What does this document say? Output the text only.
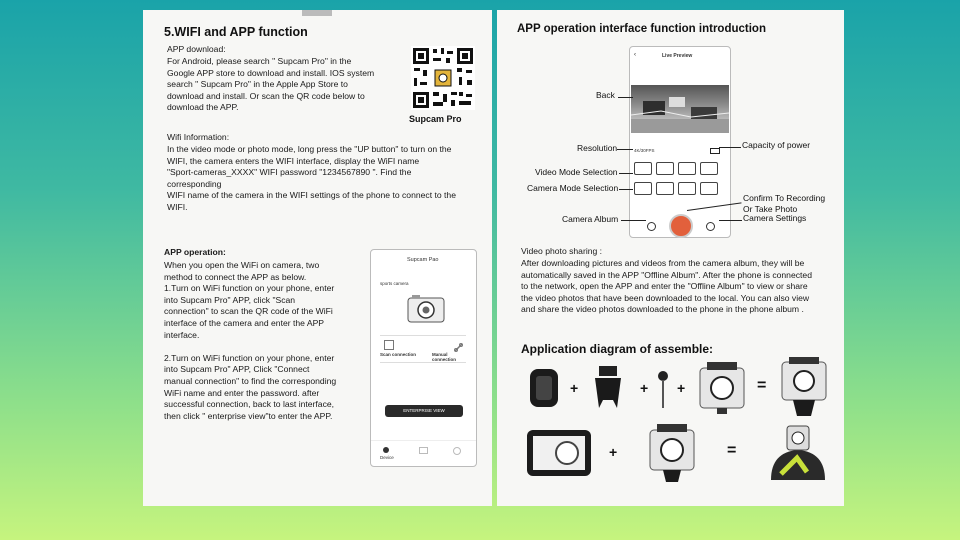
5.WIFI and APP function
APP download:
For Android, please search " Supcam Pro" in the
Google APP store to download and install. IOS system
search " Supcam Pro" in the Apple App Store to
download and install. Or scan the QR code below to
download the APP.
Supcam Pro
Wifi Information:
In the video mode or photo mode, long press the "UP button" to turn on the
WIFI, the camera enters the WIFI interface, display the WiFI name
"Sport-cameras_XXXX" WIFI password "1234567890 ". Find the
corresponding
WIFI name of the camera in the WIFI settings of the phone to connect to the
WIFI.
APP operation:
When you open the WiFi on camera, two
method to connect the APP as below.
1.Turn on WiFi function on your phone, enter
into Supcam Pro" APP, click "Scan
connection" to scan the QR code of the WiFi
interface of the camera and enter the APP
interface.

2.Turn on WiFi function on your phone, enter
into Supcam Pro" APP, Click "Connect
manual connection" to find the corresponding
WiFi name and enter the password. after
successful connection, back to last interface,
then click " enterprise view"to enter the APP.
Supcam Pao
sports camera
Scan connection	Manual connection
ENTERPRISE VIEW
Device
APP operation interface function introduction
‹	Live Preview
4K/30FPS
Back
Resolution	Capacity of power
Video Mode Selection
Camera Mode Selection
Confirm To Recording
Or Take Photo
Camera Album	Camera Settings
Video photo sharing :
After downloading pictures and videos from the camera album, they will be
automatically saved in the APP "Offline Album". After the phone is connected
to the network, open the APP and enter the "Offline Album" to view or share
the video photos that have been downloaded to the local. You can also view
and share the video photos downloaded to the phone in the phone album .
Application diagram of assemble:
+	+ +	=
+	=
